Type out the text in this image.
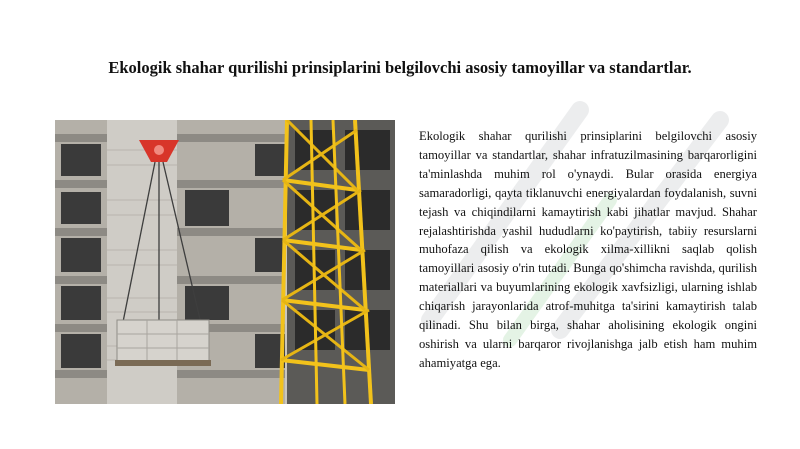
Ekologik shahar qurilishi prinsiplarini belgilovchi asosiy tamoyillar va standartlar.

Ekologik shahar qurilishi prinsiplarini belgilovchi asosiy tamoyillar va standartlar, shahar infratuzilmasining barqarorligini ta'minlashda muhim rol o'ynaydi. Bular orasida energiya samaradorligi, qayta tiklanuvchi energiyalardan foydalanish, suvni tejash va chiqindilarni kamaytirish kabi jihatlar mavjud. Shahar rejalashtirishda yashil hududlarni ko'paytirish, tabiiy resurslarni muhofaza qilish va ekologik xilma-xillikni saqlab qolish tamoyillari asosiy o'rin tutadi. Bunga qo'shimcha ravishda, qurilish materiallari va buyumlarining ekologik xavfsizligi, ularning ishlab chiqarish jarayonlarida atrof-muhitga ta'sirini kamaytirish talab qilinadi. Shu bilan birga, shahar aholisining ekologik ongini oshirish va ularni barqaror rivojlanishga jalb etish ham muhim ahamiyatga ega.
